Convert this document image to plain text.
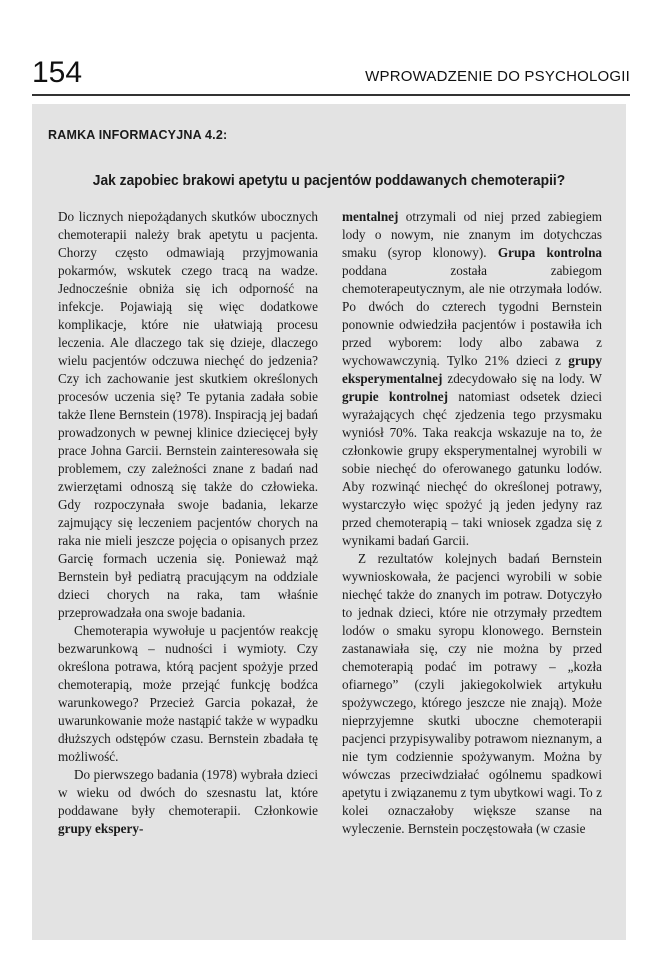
154	WPROWADZENIE DO PSYCHOLOGII
RAMKA INFORMACYJNA 4.2:
Jak zapobiec brakowi apetytu u pacjentów poddawanych chemoterapii?

Do licznych niepożądanych skutków ubocznych chemoterapii należy brak apetytu u pacjenta. Chorzy często odmawiają przyjmowania pokarmów, wskutek czego tracą na wadze. Jednocześnie obniża się ich odporność na infekcje. Pojawiają się więc dodatkowe komplikacje, które nie ułatwiają procesu leczenia. Ale dlaczego tak się dzieje, dlaczego wielu pacjentów odczuwa niechęć do jedzenia? Czy ich zachowanie jest skutkiem określonych procesów uczenia się? Te pytania zadała sobie także Ilene Bernstein (1978). Inspiracją jej badań prowadzonych w pewnej klinice dziecięcej były prace Johna Garcii. Bernstein zainteresowała się problemem, czy zależności znane z badań nad zwierzętami odnoszą się także do człowieka. Gdy rozpoczynała swoje badania, lekarze zajmujący się leczeniem pacjentów chorych na raka nie mieli jeszcze pojęcia o opisanych przez Garcię formach uczenia się. Ponieważ mąż Bernstein był pediatrą pracującym na oddziale dzieci chorych na raka, tam właśnie przeprowadzała ona swoje badania.

Chemoterapia wywołuje u pacjentów reakcję bezwarunkową – nudności i wymioty. Czy określona potrawa, którą pacjent spożyje przed chemoterapią, może przejąć funkcję bodźca warunkowego? Przecież Garcia pokazał, że uwarunkowanie może nastąpić także w wypadku dłuższych odstępów czasu. Bernstein zbadała tę możliwość.

Do pierwszego badania (1978) wybrała dzieci w wieku od dwóch do szesnastu lat, które poddawane były chemoterapii. Członkowie grupy ekspery-

mentalnej otrzymali od niej przed zabiegiem lody o nowym, nie znanym im dotychczas smaku (syrop klonowy). Grupa kontrolna poddana została zabiegom chemoterapeutycznym, ale nie otrzymała lodów. Po dwóch do czterech tygodni Bernstein ponownie odwiedziła pacjentów i postawiła ich przed wyborem: lody albo zabawa z wychowawczynią. Tylko 21% dzieci z grupy eksperymentalnej zdecydowało się na lody. W grupie kontrolnej natomiast odsetek dzieci wyrażających chęć zjedzenia tego przysmaku wyniósł 70%. Taka reakcja wskazuje na to, że członkowie grupy eksperymentalnej wyrobili w sobie niechęć do oferowanego gatunku lodów. Aby rozwinąć niechęć do określonej potrawy, wystarczyło więc spożyć ją jeden jedyny raz przed chemoterapią – taki wniosek zgadza się z wynikami badań Garcii.

Z rezultatów kolejnych badań Bernstein wywnioskowała, że pacjenci wyrobili w sobie niechęć także do znanych im potraw. Dotyczyło to jednak dzieci, które nie otrzymały przedtem lodów o smaku syropu klonowego. Bernstein zastanawiała się, czy nie można by przed chemoterapią podać im potrawy – „kozła ofiarnego” (czyli jakiegokolwiek artykułu spożywczego, którego jeszcze nie znają). Może nieprzyjemne skutki uboczne chemoterapii pacjenci przypisywaliby potrawom nieznanym, a nie tym codziennie spożywanym. Można by wówczas przeciwdziałać ogólnemu spadkowi apetytu i związanemu z tym ubytkowi wagi. To z kolei oznaczałoby większe szanse na wyleczenie. Bernstein poczęstowała (w czasie
